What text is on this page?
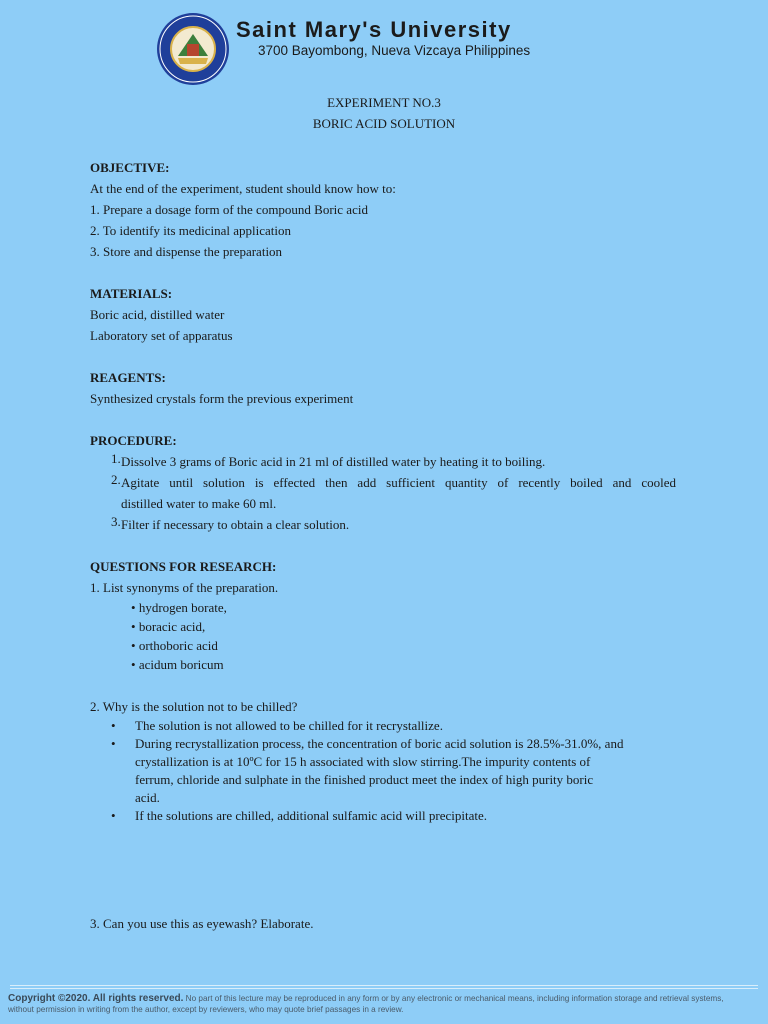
Saint Mary's University
3700 Bayombong, Nueva Vizcaya Philippines
EXPERIMENT NO.3
BORIC ACID SOLUTION
OBJECTIVE:
At the end of the experiment, student should know how to:
1. Prepare a dosage form of the compound Boric acid
2. To identify its medicinal application
3. Store and dispense the preparation
MATERIALS:
Boric acid, distilled water
Laboratory set of apparatus
REAGENTS:
Synthesized crystals form the previous experiment
PROCEDURE:
1. Dissolve 3 grams of Boric acid in 21 ml of distilled water by heating it to boiling.
2. Agitate until solution is effected then add sufficient quantity of recently boiled and cooled
distilled water to make 60 ml.
3. Filter if necessary to obtain a clear solution.
QUESTIONS FOR RESEARCH:
1. List synonyms of the preparation.
• hydrogen borate,
• boracic acid,
• orthoboric acid
• acidum boricum
2. Why is the solution not to be chilled?
• The solution is not allowed to be chilled for it recrystallize.
• During recrystallization process, the concentration of boric acid solution is 28.5%-31.0%, and
crystallization is at 10ºC for 15 h associated with slow stirring.The impurity contents of
ferrum, chloride and sulphate in the finished product meet the index of high purity boric
acid.
• If the solutions are chilled, additional sulfamic acid will precipitate.
3. Can you use this as eyewash? Elaborate.
Copyright ©2020. All rights reserved. No part of this lecture may be reproduced in any form or by any electronic or mechanical means, including information storage and retrieval systems,
without permission in writing from the author, except by reviewers, who may quote brief passages in a review.
